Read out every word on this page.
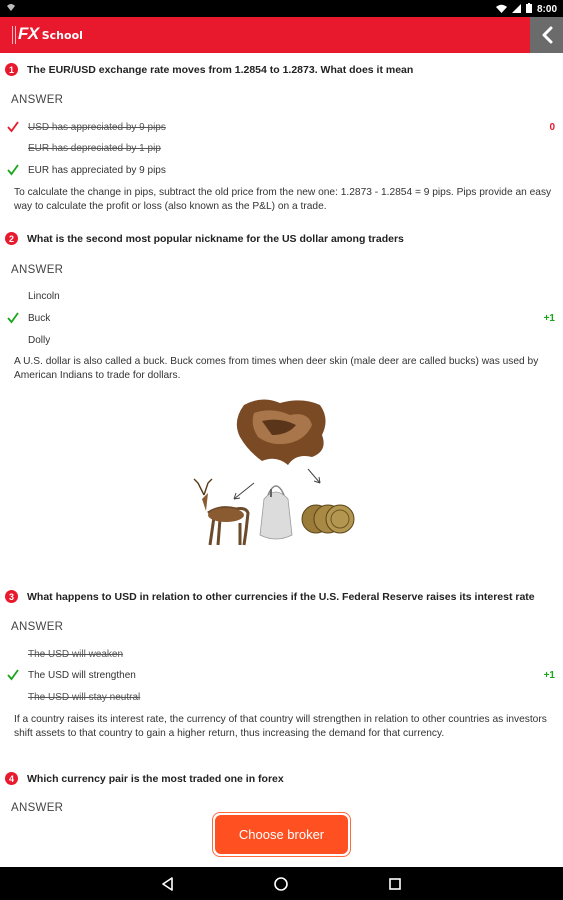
8:00
FX School
1	The EUR/USD exchange rate moves from 1.2854 to 1.2873. What does it mean
ANSWER
USD has appreciated by 9 pips	0
EUR has depreciated by 1 pip
EUR has appreciated by 9 pips
To calculate the change in pips, subtract the old price from the new one: 1.2873 - 1.2854 = 9 pips. Pips provide an easy way to calculate the profit or loss (also known as the P&L) on a trade.
2	What is the second most popular nickname for the US dollar among traders
ANSWER
Lincoln
Buck	+1
Dolly
A U.S. dollar is also called a buck. Buck comes from times when deer skin (male deer are called bucks) was used by American Indians to trade for dollars.
3	What happens to USD in relation to other currencies if the U.S. Federal Reserve raises its interest rate
ANSWER
The USD will weaken
The USD will strengthen	+1
The USD will stay neutral
If a country raises its interest rate, the currency of that country will strengthen in relation to other countries as investors shift assets to that country to gain a higher return, thus increasing the demand for that currency.
4	Which currency pair is the most traded one in forex
ANSWER
Choose broker
